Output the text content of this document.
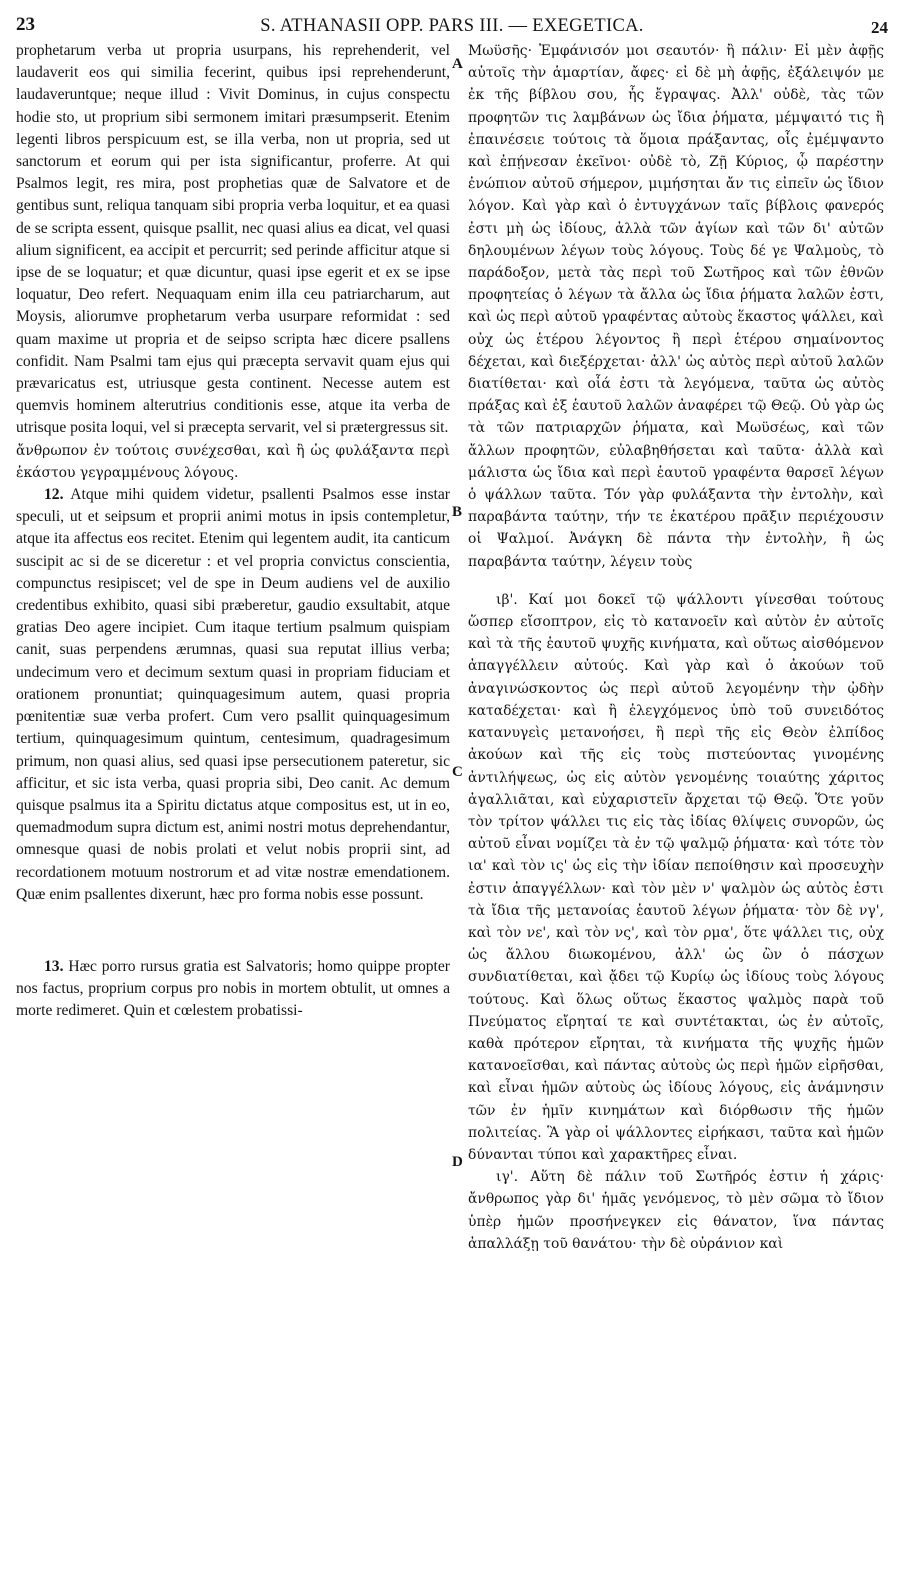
23	S. ATHANASII OPP. PARS III. — EXEGETICA.	24

prophetarum verba ut propria usurpans, his reprehenderit, vel laudaverit eos qui similia fecerint, quibus ipsi reprehenderunt, laudaveruntque; neque illud : Vivit Dominus, in cujus conspectu hodie sto, ut proprium sibi sermonem imitari præsumpserit. Etenim legenti libros perspicuum est, se illa verba, non ut propria, sed ut sanctorum et eorum qui per ista significantur, proferre. At qui Psalmos legit, res mira, post prophetias quæ de Salvatore et de gentibus sunt, reliqua tanquam sibi propria verba loquitur, et ea quasi de se scripta essent, quisque psallit, nec quasi alius ea dicat, vel quasi alium significent, ea accipit et percurrit; sed perinde afficitur atque si ipse de se loquatur; et quæ dicuntur, quasi ipse egerit et ex se ipse loquatur, Deo refert. Nequaquam enim illa ceu patriarcharum, aut Moysis, aliorumve prophetarum verba usurpare reformidat : sed quam maxime ut propria et de seipso scripta hæc dicere psallens confidit. Nam Psalmi tam ejus qui præcepta servavit quam ejus qui prævaricatus est, utriusque gesta continent. Necesse autem est quemvis hominem alterutrius conditionis esse, atque ita verba de utrisque posita loqui, vel si præcepta servarit, vel si prætergressus sit.

ἄνθρωπον ἐν τούτοις συνέχεσθαι, καὶ ἢ ὡς φυλάξαντα περὶ ἑκάστου γεγραμμένους λόγους.

12. Atque mihi quidem videtur, psallenti Psalmos esse instar speculi, ut et seipsum et proprii animi motus in ipsis contempletur, atque ita affectus eos recitet. Etenim qui legentem audit, ita canticum suscipit ac si de se diceretur : et vel propria convictus conscientia, compunctus resipiscet; vel de spe in Deum audiens vel de auxilio credentibus exhibito, quasi sibi præberetur, gaudio exsultabit, atque gratias Deo agere incipiet. Cum itaque tertium psalmum quispiam canit, suas perpendens ærumnas, quasi sua reputat illius verba; undecimum vero et decimum sextum quasi in propriam fiduciam et orationem pronuntiat; quinquagesimum autem, quasi propria pœnitentiæ suæ verba profert. Cum vero psallit quinquagesimum tertium, quinquagesimum quintum, centesimum, quadragesimum primum, non quasi alius, sed quasi ipse persecutionem pateretur, sic afficitur, et sic ista verba, quasi propria sibi, Deo canit. Ac demum quisque psalmus ita a Spiritu dictatus atque compositus est, ut in eo, quemadmodum supra dictum est, animi nostri motus deprehendantur, omnesque quasi de nobis prolati et velut nobis proprii sint, ad recordationem motuum nostrorum et ad vitæ nostræ emendationem. Quæ enim psallentes dixerunt, hæc pro forma nobis esse possunt.

13. Hæc porro rursus gratia est Salvatoris; homo quippe propter nos factus, proprium corpus pro nobis in mortem obtulit, ut omnes a morte redimeret. Quin et cœlestem probatissi-

A
B
C
D

Μωϋσῆς· Ἐμφάνισόν μοι σεαυτόν· ἢ πάλιν· Εἰ μὲν ἀφῇς αὐτοῖς τὴν ἁμαρτίαν, ἄφες· εἰ δὲ μὴ ἀφῇς, ἐξάλειψόν με ἐκ τῆς βίβλου σου, ἧς ἔγραψας. Ἀλλ' οὐδὲ, τὰς τῶν προφητῶν τις λαμβάνων ὡς ἴδια ῥήματα, μέμψαιτό τις ἢ ἐπαινέσειε τούτοις τὰ ὅμοια πράξαντας, οἷς ἐμέμψαντο καὶ ἐπῄνεσαν ἐκεῖνοι· οὐδὲ τὸ, Ζῇ Κύριος, ᾧ παρέστην ἐνώπιον αὐτοῦ σήμερον, μιμήσηται ἄν τις εἰπεῖν ὡς ἴδιον λόγον. Καὶ γὰρ καὶ ὁ ἐντυγχάνων ταῖς βίβλοις φανερός ἐστι μὴ ὡς ἰδίους, ἀλλὰ τῶν ἁγίων καὶ τῶν δι' αὐτῶν δηλουμένων λέγων τοὺς λόγους. Τοὺς δέ γε Ψαλμοὺς, τὸ παράδοξον, μετὰ τὰς περὶ τοῦ Σωτῆρος καὶ τῶν ἐθνῶν προφητείας ὁ λέγων τὰ ἄλλα ὡς ἴδια ῥήματα λαλῶν ἐστι, καὶ ὡς περὶ αὐτοῦ γραφέντας αὐτοὺς ἕκαστος ψάλλει, καὶ οὐχ ὡς ἑτέρου λέγοντος ἢ περὶ ἑτέρου σημαίνοντος δέχεται, καὶ διεξέρχεται· ἀλλ' ὡς αὐτὸς περὶ αὐτοῦ λαλῶν διατίθεται· καὶ οἷά ἐστι τὰ λεγόμενα, ταῦτα ὡς αὐτὸς πράξας καὶ ἐξ ἑαυτοῦ λαλῶν ἀναφέρει τῷ Θεῷ. Οὐ γὰρ ὡς τὰ τῶν πατριαρχῶν ῥήματα, καὶ Μωϋσέως, καὶ τῶν ἄλλων προφητῶν, εὐλαβηθήσεται καὶ ταῦτα· ἀλλὰ καὶ μάλιστα ὡς ἴδια καὶ περὶ ἑαυτοῦ γραφέντα θαρσεῖ λέγων ὁ ψάλλων ταῦτα. Τόν γὰρ φυλάξαντα τὴν ἐντολὴν, καὶ παραβάντα ταύτην, τήν τε ἑκατέρου πρᾶξιν περιέχουσιν οἱ Ψαλμοί. Ἀνάγκη δὲ πάντα τὴν ἐντολὴν, ἢ ὡς παραβάντα ταύτην, λέγειν τοὺς

ιβ'. Καί μοι δοκεῖ τῷ ψάλλοντι γίνεσθαι τούτους ὥσπερ εἴσοπτρον, εἰς τὸ κατανοεῖν καὶ αὐτὸν ἐν αὐτοῖς καὶ τὰ τῆς ἑαυτοῦ ψυχῆς κινήματα, καὶ οὕτως αἰσθόμενον ἀπαγγέλλειν αὐτούς. Καὶ γὰρ καὶ ὁ ἀκούων τοῦ ἀναγινώσκοντος ὡς περὶ αὐτοῦ λεγομένην τὴν ᾠδὴν καταδέχεται· καὶ ἢ ἐλεγχόμενος ὑπὸ τοῦ συνειδότος κατανυγεὶς μετανοήσει, ἢ περὶ τῆς εἰς Θεὸν ἐλπίδος ἀκούων καὶ τῆς εἰς τοὺς πιστεύοντας γινομένης ἀντιλήψεως, ὡς εἰς αὐτὸν γενομένης τοιαύτης χάριτος ἀγαλλιᾶται, καὶ εὐχαριστεῖν ἄρχεται τῷ Θεῷ. Ὅτε γοῦν τὸν τρίτον ψάλλει τις εἰς τὰς ἰδίας θλίψεις συνορῶν, ὡς αὐτοῦ εἶναι νομίζει τὰ ἐν τῷ ψαλμῷ ῥήματα· καὶ τότε τὸν ια' καὶ τὸν ις' ὡς εἰς τὴν ἰδίαν πεποίθησιν καὶ προσευχὴν ἐστιν ἀπαγγέλλων· καὶ τὸν μὲν ν' ψαλμὸν ὡς αὐτὸς ἐστι τὰ ἴδια τῆς μετανοίας ἑαυτοῦ λέγων ῥήματα· τὸν δὲ νγ', καὶ τὸν νε', καὶ τὸν νς', καὶ τὸν ρμα', ὅτε ψάλλει τις, οὐχ ὡς ἄλλου διωκομένου, ἀλλ' ὡς ὢν ὁ πάσχων συνδιατίθεται, καὶ ᾄδει τῷ Κυρίῳ ὡς ἰδίους τοὺς λόγους τούτους. Καὶ ὅλως οὕτως ἕκαστος ψαλμὸς παρὰ τοῦ Πνεύματος εἴρηταί τε καὶ συντέτακται, ὡς ἐν αὐτοῖς, καθὰ πρότερον εἴρηται, τὰ κινήματα τῆς ψυχῆς ἡμῶν κατανοεῖσθαι, καὶ πάντας αὐτοὺς ὡς περὶ ἡμῶν εἰρῆσθαι, καὶ εἶναι ἡμῶν αὐτοὺς ὡς ἰδίους λόγους, εἰς ἀνάμνησιν τῶν ἐν ἡμῖν κινημάτων καὶ διόρθωσιν τῆς ἡμῶν πολιτείας. Ἃ γὰρ οἱ ψάλλοντες εἰρήκασι, ταῦτα καὶ ἡμῶν δύνανται τύποι καὶ χαρακτῆρες εἶναι.

ιγ'. Αὕτη δὲ πάλιν τοῦ Σωτῆρός ἐστιν ἡ χάρις· ἄνθρωπος γὰρ δι' ἡμᾶς γενόμενος, τὸ μὲν σῶμα τὸ ἴδιον ὑπὲρ ἡμῶν προσήνεγκεν εἰς θάνατον, ἵνα πάντας ἀπαλλάξῃ τοῦ θανάτου· τὴν δὲ οὐράνιον καὶ
